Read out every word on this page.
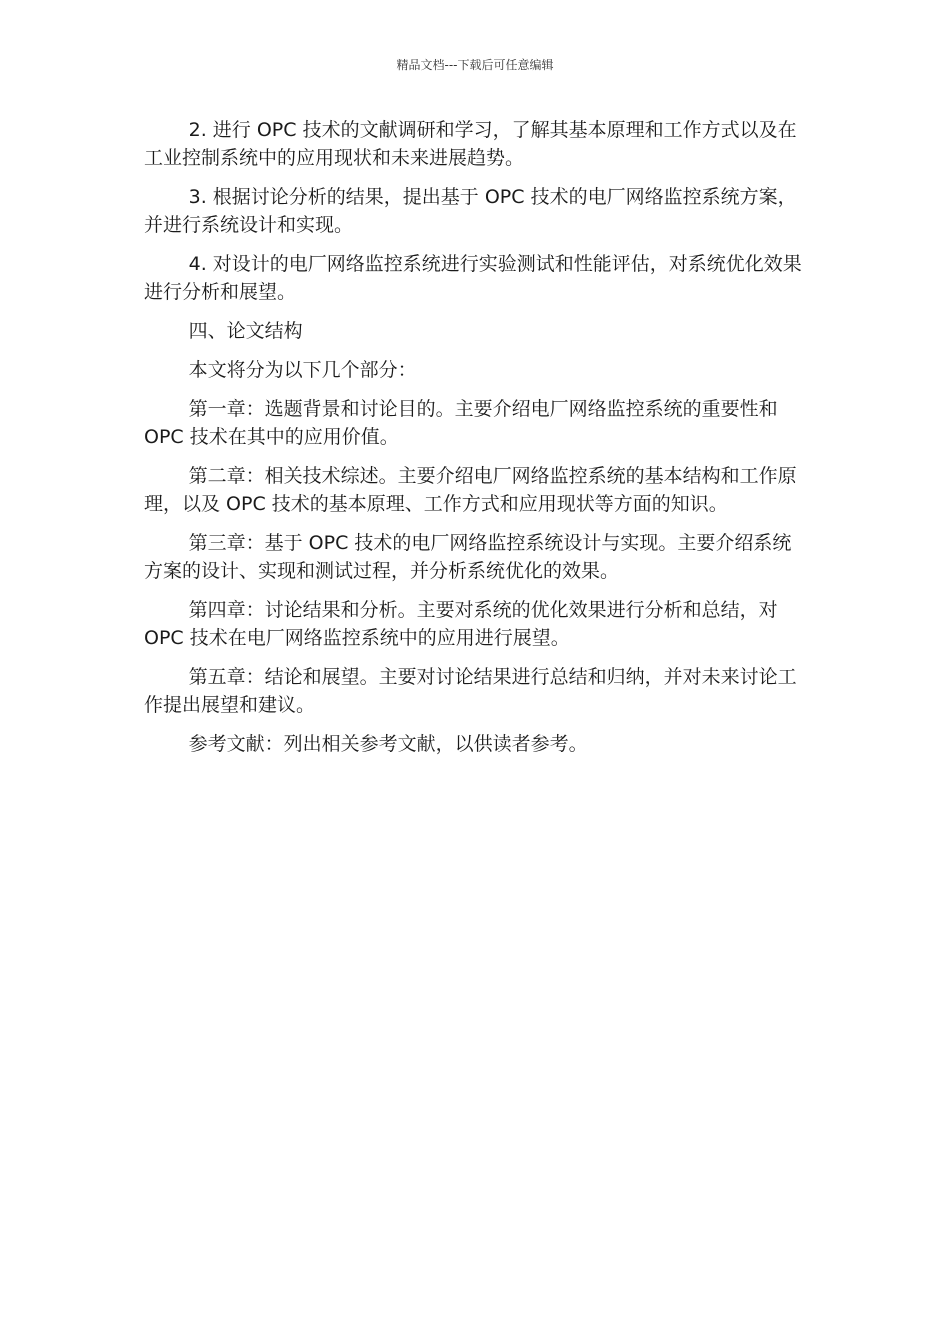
精品文档---下载后可任意编辑

2. 进行 OPC 技术的文献调研和学习，了解其基本原理和工作方式以及在工业控制系统中的应用现状和未来进展趋势。

3. 根据讨论分析的结果，提出基于 OPC 技术的电厂网络监控系统方案，并进行系统设计和实现。

4. 对设计的电厂网络监控系统进行实验测试和性能评估，对系统优化效果进行分析和展望。

四、论文结构

本文将分为以下几个部分：

第一章：选题背景和讨论目的。主要介绍电厂网络监控系统的重要性和 OPC 技术在其中的应用价值。

第二章：相关技术综述。主要介绍电厂网络监控系统的基本结构和工作原理，以及 OPC 技术的基本原理、工作方式和应用现状等方面的知识。

第三章：基于 OPC 技术的电厂网络监控系统设计与实现。主要介绍系统方案的设计、实现和测试过程，并分析系统优化的效果。

第四章：讨论结果和分析。主要对系统的优化效果进行分析和总结，对 OPC 技术在电厂网络监控系统中的应用进行展望。

第五章：结论和展望。主要对讨论结果进行总结和归纳，并对未来讨论工作提出展望和建议。

参考文献：列出相关参考文献，以供读者参考。
